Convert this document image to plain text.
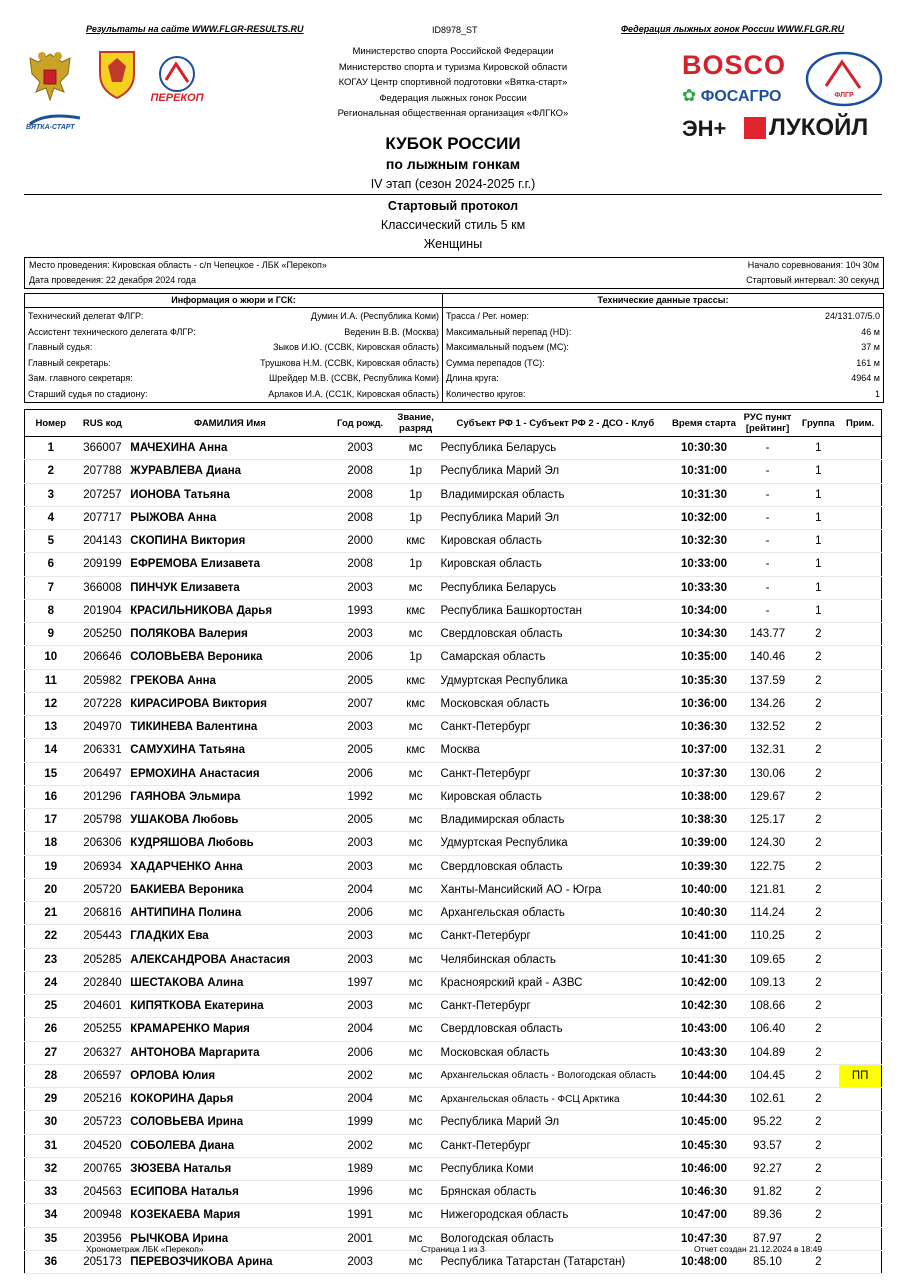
Результаты на сайте WWW.FLGR-RESULTS.RU	ID8978_ST	Федерация лыжных гонок России WWW.FLGR.RU
ПЕРЕКОП
ВЯТКА-СТАРТ
Министерство спорта Российской Федерации
Министерство спорта и туризма Кировской области
КОГАУ Центр спортивной подготовки «Вятка-старт»
Федерация лыжных гонок России
Региональная общественная организация «ФЛГКО»
BOSCO
✿ ФОСАГРО	ФЛГР
ЭН+	ЛУКОЙЛ
КУБОК РОССИИ
по лыжным гонкам
IV этап (сезон 2024-2025 г.г.)
Стартовый протокол
Классический стиль 5 км
Женщины
Место проведения: Кировская область - с/п Чепецкое - ЛБК «Перекоп»
Дата проведения: 22 декабря 2024 года
Начало соревнования: 10ч 30м
Стартовый интервал: 30 секунд
Информация о жюри и ГСК:
Технический делегат ФЛГР:	Думин И.А. (Республика Коми)
Ассистент технического делегата ФЛГР:	Веденин В.В. (Москва)
Главный судья:	Зыков И.Ю. (ССВК, Кировская область)
Главный секретарь:	Трушкова Н.М. (ССВК, Кировская область)
Зам. главного секретаря:	Шрейдер М.В. (ССВК, Республика Коми)
Старший судья по стадиону:	Арлаков И.А. (СС1К, Кировская область)
Технические данные трассы:
Трасса / Рег. номер:	24/131.07/5.0
Максимальный перепад (HD):	46 м
Максимальный подъем (MC):	37 м
Сумма перепадов (TC):	161 м
Длина круга:	4964 м
Количество кругов:	1
Номер	RUS код	ФАМИЛИЯ Имя	Год рожд.	Звание, разряд	Субъект РФ 1 - Субъект РФ 2 - ДСО - Клуб	Время старта	РУС пункт [рейтинг]	Группа	Прим.
1	366007	МАЧЕХИНА Анна	2003	мс	Республика Беларусь	10:30:30	-	1	
2	207788	ЖУРАВЛЕВА Диана	2008	1р	Республика Марий Эл	10:31:00	-	1	
3	207257	ИОНОВА Татьяна	2008	1р	Владимирская область	10:31:30	-	1	
4	207717	РЫЖОВА Анна	2008	1р	Республика Марий Эл	10:32:00	-	1	
5	204143	СКОПИНА Виктория	2000	кмс	Кировская область	10:32:30	-	1	
6	209199	ЕФРЕМОВА Елизавета	2008	1р	Кировская область	10:33:00	-	1	
7	366008	ПИНЧУК Елизавета	2003	мс	Республика Беларусь	10:33:30	-	1	
8	201904	КРАСИЛЬНИКОВА Дарья	1993	кмс	Республика Башкортостан	10:34:00	-	1	
9	205250	ПОЛЯКОВА Валерия	2003	мс	Свердловская область	10:34:30	143.77	2	
10	206646	СОЛОВЬЕВА Вероника	2006	1р	Самарская область	10:35:00	140.46	2	
11	205982	ГРЕКОВА Анна	2005	кмс	Удмуртская Республика	10:35:30	137.59	2	
12	207228	КИРАСИРОВА Виктория	2007	кмс	Московская область	10:36:00	134.26	2	
13	204970	ТИКИНЕВА Валентина	2003	мс	Санкт-Петербург	10:36:30	132.52	2	
14	206331	САМУХИНА Татьяна	2005	кмс	Москва	10:37:00	132.31	2	
15	206497	ЕРМОХИНА Анастасия	2006	мс	Санкт-Петербург	10:37:30	130.06	2	
16	201296	ГАЯНОВА Эльмира	1992	мс	Кировская область	10:38:00	129.67	2	
17	205798	УШАКОВА Любовь	2005	мс	Владимирская область	10:38:30	125.17	2	
18	206306	КУДРЯШОВА Любовь	2003	мс	Удмуртская Республика	10:39:00	124.30	2	
19	206934	ХАДАРЧЕНКО Анна	2003	мс	Свердловская область	10:39:30	122.75	2	
20	205720	БАКИЕВА Вероника	2004	мс	Ханты-Мансийский АО - Югра	10:40:00	121.81	2	
21	206816	АНТИПИНА Полина	2006	мс	Архангельская область	10:40:30	114.24	2	
22	205443	ГЛАДКИХ Ева	2003	мс	Санкт-Петербург	10:41:00	110.25	2	
23	205285	АЛЕКСАНДРОВА Анастасия	2003	мс	Челябинская область	10:41:30	109.65	2	
24	202840	ШЕСТАКОВА Алина	1997	мс	Красноярский край - АЗВС	10:42:00	109.13	2	
25	204601	КИПЯТКОВА Екатерина	2003	мс	Санкт-Петербург	10:42:30	108.66	2	
26	205255	КРАМАРЕНКО Мария	2004	мс	Свердловская область	10:43:00	106.40	2	
27	206327	АНТОНОВА Маргарита	2006	мс	Московская область	10:43:30	104.89	2	
28	206597	ОРЛОВА Юлия	2002	мс	Архангельская область - Вологодская область	10:44:00	104.45	2	ПП
29	205216	КОКОРИНА Дарья	2004	мс	Архангельская область - ФСЦ Арктика	10:44:30	102.61	2	
30	205723	СОЛОВЬЕВА Ирина	1999	мс	Республика Марий Эл	10:45:00	95.22	2	
31	204520	СОБОЛЕВА Диана	2002	мс	Санкт-Петербург	10:45:30	93.57	2	
32	200765	ЗЮЗЕВА Наталья	1989	мс	Республика Коми	10:46:00	92.27	2	
33	204563	ЕСИПОВА Наталья	1996	мс	Брянская область	10:46:30	91.82	2	
34	200948	КОЗЕКАЕВА Мария	1991	мс	Нижегородская область	10:47:00	89.36	2	
35	203956	РЫЧКОВА Ирина	2001	мс	Вологодская область	10:47:30	87.97	2	
36	205173	ПЕРЕВОЗЧИКОВА Арина	2003	мс	Республика Татарстан (Татарстан)	10:48:00	85.10	2	
Хронометраж ЛБК «Перекоп»	Страница 1 из 3	Отчет создан 21.12.2024 в 18:49
